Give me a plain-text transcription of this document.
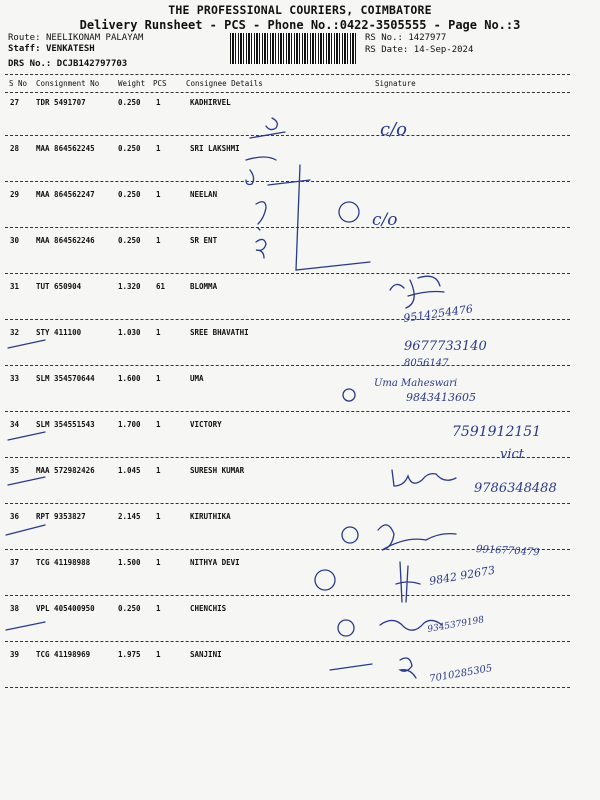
THE PROFESSIONAL COURIERS, COIMBATORE
Delivery Runsheet - PCS - Phone No.:0422-3505555 - Page No.:3
Route: NEELIKONAM PALAYAM
Staff: VENKATESH
DRS No.: DCJB142797703
RS No.: 1427977
RS Date: 14-Sep-2024
S No Consignment No	Weight PCS	Consignee Details	Signature
27 TDR 5491707	0.250 1	KADHIRVEL
28 MAA 864562245	0.250 1	SRI LAKSHMI
29 MAA 864562247	0.250 1	NEELAN
30 MAA 864562246	0.250 1	SR ENT
31 TUT 650904	1.320 61	BLOMMA
32 STY 411100	1.030 1	SREE BHAVATHI
33 SLM 354570644	1.600 1	UMA
34 SLM 354551543	1.700 1	VICTORY
35 MAA 572982426	1.045 1	SURESH KUMAR
36 RPT 9353827	2.145 1	KIRUTHIKA
37 TCG 41198988	1.500 1	NITHYA DEVI
38 VPL 405400950	0.250 1	CHENCHIS
39 TCG 41198969	1.975 1	SANJINI
c/o
c/o
9514254476
9677733140
8056147
Uma Maheswari
9843413605
7591912151
vict
9786348488
9916770479
9842 92673
9345379198
7010285305
